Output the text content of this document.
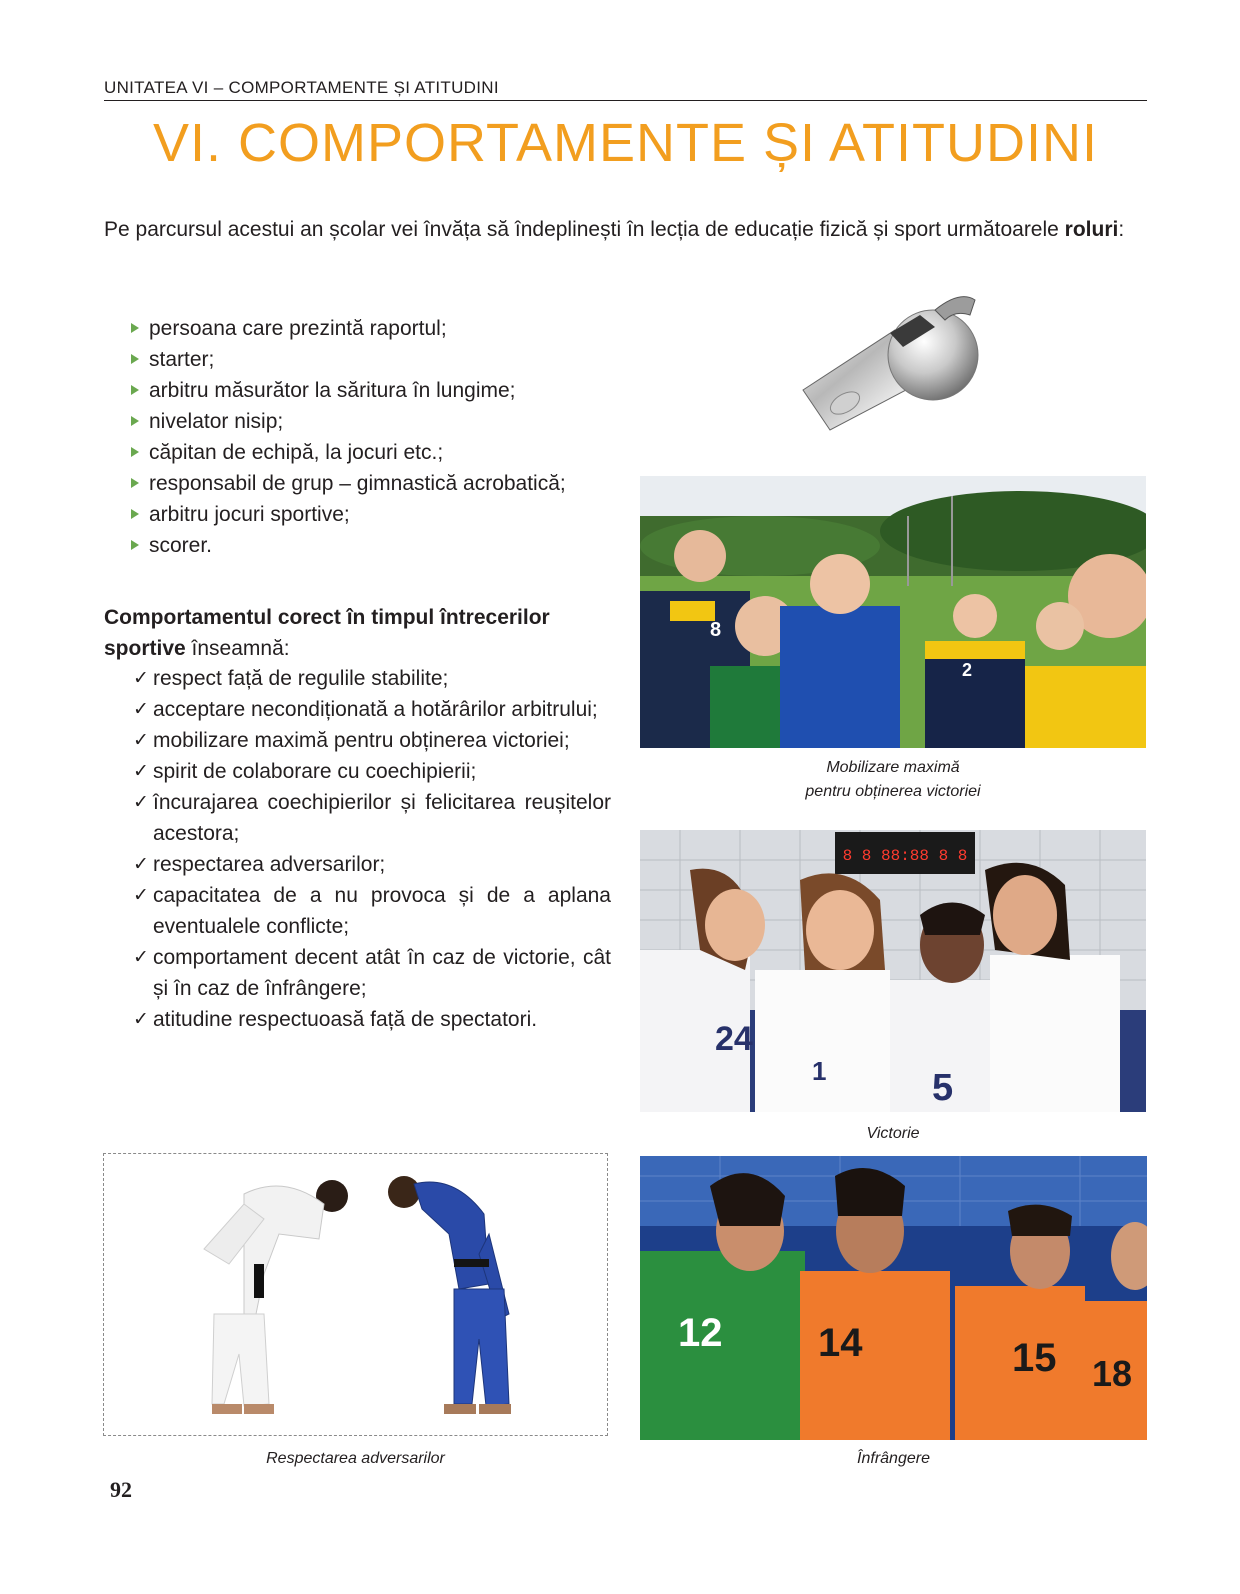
UNITATEA VI – COMPORTAMENTE ȘI ATITUDINI
VI. COMPORTAMENTE ȘI ATITUDINI

Pe parcursul acestui an școlar vei învăța să îndeplinești în lecția de educație fizică și sport următoarele roluri:

persoana care prezintă raportul;
starter;
arbitru măsurător la săritura în lungime;
nivelator nisip;
căpitan de echipă, la jocuri etc.;
responsabil de grup – gimnastică acrobatică;
arbitru jocuri sportive;
scorer.
8
2
Mobilizare maximă
pentru obținerea victoriei
8 8 88:88 8 8
24
1	5
Victorie

Comportamentul corect în timpul întrecerilor sportive înseamnă:

✓ respect față de regulile stabilite;
✓ acceptare necondiționată a hotărârilor arbitrului;
✓ mobilizare maximă pentru obținerea victoriei;
✓ spirit de colaborare cu coechipierii;
✓ încurajarea coechipierilor și felicitarea reușitelor acestora;
✓ respectarea adversarilor;
✓ capacitatea de a nu provoca și de a aplana eventualele conflicte;
✓ comportament decent atât în caz de victorie, cât și în caz de înfrângere;
✓ atitudine respectuoasă față de spectatori.
Respectarea adversarilor
12 14	15 18
Înfrângere
92
